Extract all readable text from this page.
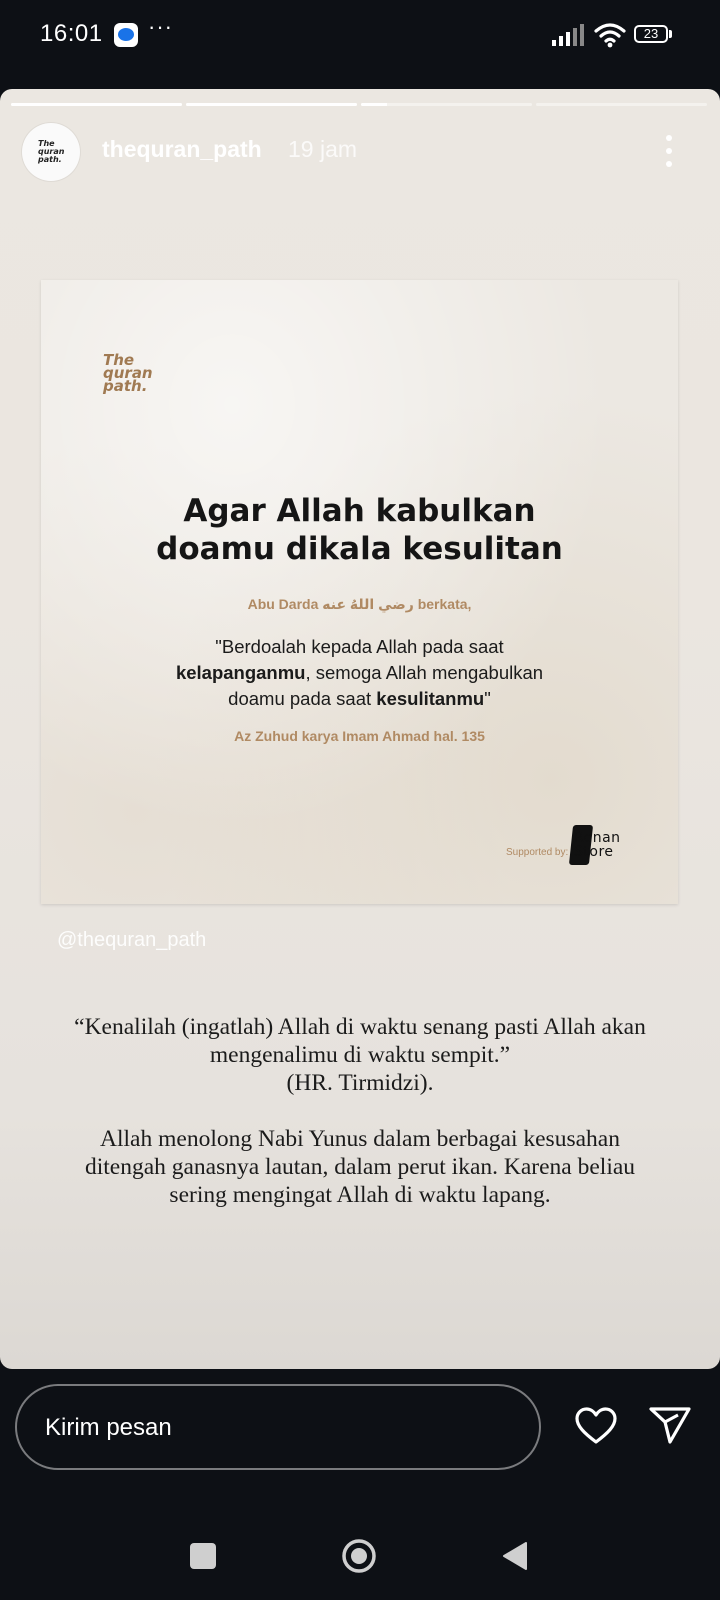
16:01 ···	23
The quran path. thequran_path 19 jam
The quran path.
Agar Allah kabulkan
doamu dikala kesulitan
Abu Darda رضي اللهُ عنه berkata,
"Berdoalah kepada Allah pada saat
kelapanganmu, semoga Allah mengabulkan
doamu pada saat kesulitanmu"
Az Zuhud karya Imam Ahmad hal. 135
Supported by:
Renan Store
@thequran_path

“Kenalilah (ingatlah) Allah di waktu senang pasti Allah akan
mengenalimu di waktu sempit.”
(HR. Tirmidzi).

Allah menolong Nabi Yunus dalam berbagai kesusahan
ditengah ganasnya lautan, dalam perut ikan. Karena beliau
sering mengingat Allah di waktu lapang.

Kirim pesan
